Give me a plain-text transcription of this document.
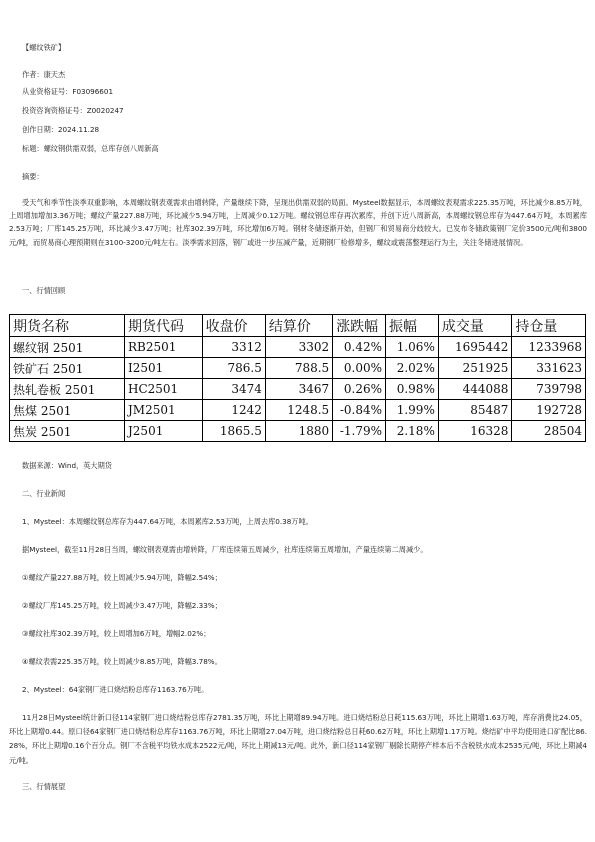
【螺纹铁矿】
作者：康天杰
从业资格证号：F03096601
投资咨询资格证号：Z0020247
创作日期：2024.11.28
标题：螺纹钢供需双弱，总库存创八周新高
摘要：
受天气和季节性淡季双重影响，本周螺纹钢表观需求由增转降，产量继续下降，呈现出供需双弱的局面。Mysteel数据显示，本周螺纹表观需求225.35万吨，环比减少8.85万吨，上周增加增加3.36万吨；螺纹产量227.88万吨，环比减少5.94万吨，上周减少0.12万吨。螺纹钢总库存再次累库，并创下近八周新高，本周螺纹钢总库存为447.64万吨，本周累库2.53万吨；厂库145.25万吨，环比减少3.47万吨；社库302.39万吨，环比增加6万吨。钢材冬储逐渐开始，但钢厂和贸易商分歧较大。已发布冬储政策钢厂定价3500元/吨和3800元/吨，而贸易商心理预期则在3100-3200元/吨左右。淡季需求回落，钢厂或进一步压减产量，近期钢厂检修增多，螺纹或震荡整理运行为主，关注冬储进展情况。
一、行情回顾
期货名称	期货代码	收盘价	结算价	涨跌幅	振幅	成交量	持仓量
螺纹钢 2501	RB2501	3312	3302	0.42%	1.06%	1695442	1233968
铁矿石 2501	I2501	786.5	788.5	0.00%	2.02%	251925	331623
热轧卷板 2501	HC2501	3474	3467	0.26%	0.98%	444088	739798
焦煤 2501	JM2501	1242	1248.5	-0.84%	1.99%	85487	192728
焦炭 2501	J2501	1865.5	1880	-1.79%	2.18%	16328	28504
数据来源：Wind，英大期货
二、行业新闻
1、Mysteel：本周螺纹钢总库存为447.64万吨，本周累库2.53万吨，上周去库0.38万吨。
据Mysteel，截至11月28日当周，螺纹钢表观需由增转降，厂库连续第五周减少，社库连续第五周增加，产量连续第二周减少。
①螺纹产量227.88万吨，较上周减少5.94万吨，降幅2.54%；
②螺纹厂库145.25万吨，较上周减少3.47万吨，降幅2.33%；
③螺纹社库302.39万吨，较上周增加6万吨，增幅2.02%；
④螺纹表需225.35万吨，较上周减少8.85万吨，降幅3.78%。
2、Mysteel：64家钢厂进口烧结粉总库存1163.76万吨。
11月28日Mysteel统计新口径114家钢厂进口烧结粉总库存2781.35万吨，环比上期增89.94万吨。进口烧结粉总日耗115.63万吨，环比上期增1.63万吨，库存消费比24.05，环比上期增0.44。原口径64家钢厂进口烧结粉总库存1163.76万吨，环比上期增27.04万吨，进口烧结粉总日耗60.62万吨，环比上期增1.17万吨。烧结矿中平均使用进口矿配比86.28%，环比上期增0.16个百分点。钢厂不含税平均铁水成本2522元/吨，环比上期减13元/吨。此外，新口径114家钢厂剔除长期停产样本后不含税铁水成本2535元/吨，环比上期减4元/吨。
三、行情展望
